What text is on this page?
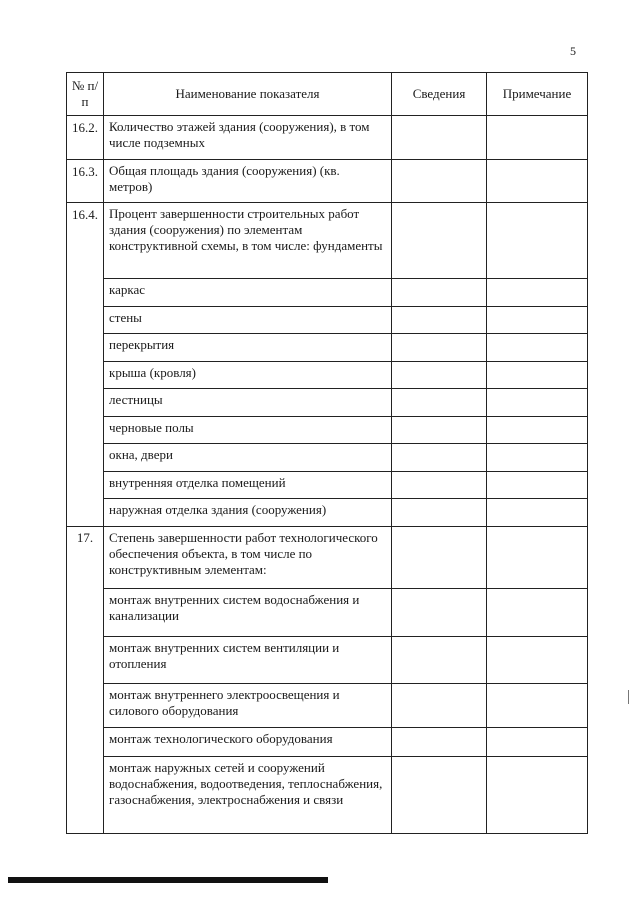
5
№ п/п	Наименование показателя	Сведения	Примечание
16.2.	Количество этажей здания (сооружения), в том числе подземных		
16.3.	Общая площадь здания (сооружения) (кв. метров)		
16.4.	Процент завершенности строительных работ здания (сооружения) по элементам конструктивной схемы, в том числе: фундаменты		
	каркас		
	стены		
	перекрытия		
	крыша (кровля)		
	лестницы		
	черновые полы		
	окна, двери		
	внутренняя отделка помещений		
	наружная отделка здания (сооружения)		
17.	Степень завершенности работ технологического обеспечения объекта, в том числе по конструктивным элементам:		
	монтаж внутренних систем водоснабжения и канализации		
	монтаж внутренних систем вентиляции и отопления		
	монтаж внутреннего электроосвещения и силового оборудования		
	монтаж технологического оборудования		
	монтаж наружных сетей и сооружений водоснабжения, водоотведения, теплоснабжения, газоснабжения, электроснабжения и связи		
